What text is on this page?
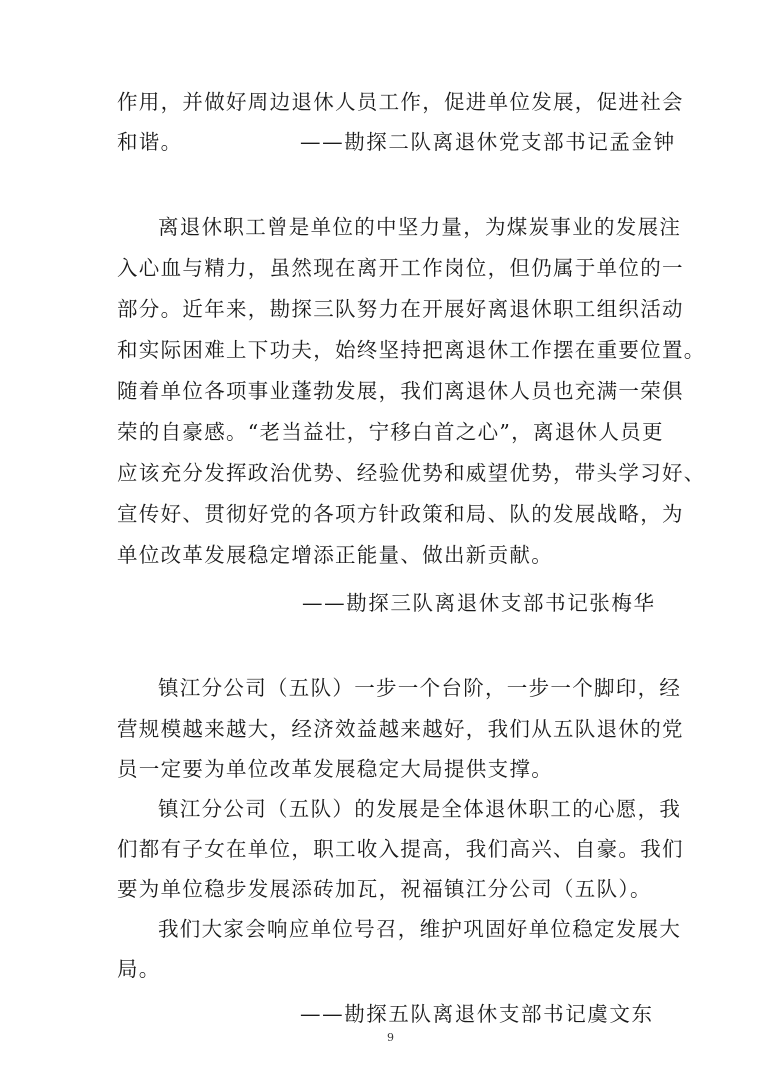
作用，并做好周边退休人员工作，促进单位发展，促进社会
和谐。	——勘探二队离退休党支部书记孟金钟
离退休职工曾是单位的中坚力量，为煤炭事业的发展注
入心血与精力，虽然现在离开工作岗位，但仍属于单位的一
部分。近年来，勘探三队努力在开展好离退休职工组织活动
和实际困难上下功夫，始终坚持把离退休工作摆在重要位置。
随着单位各项事业蓬勃发展，我们离退休人员也充满一荣俱
荣的自豪感。“老当益壮，宁移白首之心”，离退休人员更
应该充分发挥政治优势、经验优势和威望优势，带头学习好、
宣传好、贯彻好党的各项方针政策和局、队的发展战略，为
单位改革发展稳定增添正能量、做出新贡献。
——勘探三队离退休支部书记张梅华
镇江分公司（五队）一步一个台阶，一步一个脚印，经
营规模越来越大，经济效益越来越好，我们从五队退休的党
员一定要为单位改革发展稳定大局提供支撑。
镇江分公司（五队）的发展是全体退休职工的心愿，我
们都有子女在单位，职工收入提高，我们高兴、自豪。我们
要为单位稳步发展添砖加瓦，祝福镇江分公司（五队）。
我们大家会响应单位号召，维护巩固好单位稳定发展大
局。
——勘探五队离退休支部书记虞文东
9
